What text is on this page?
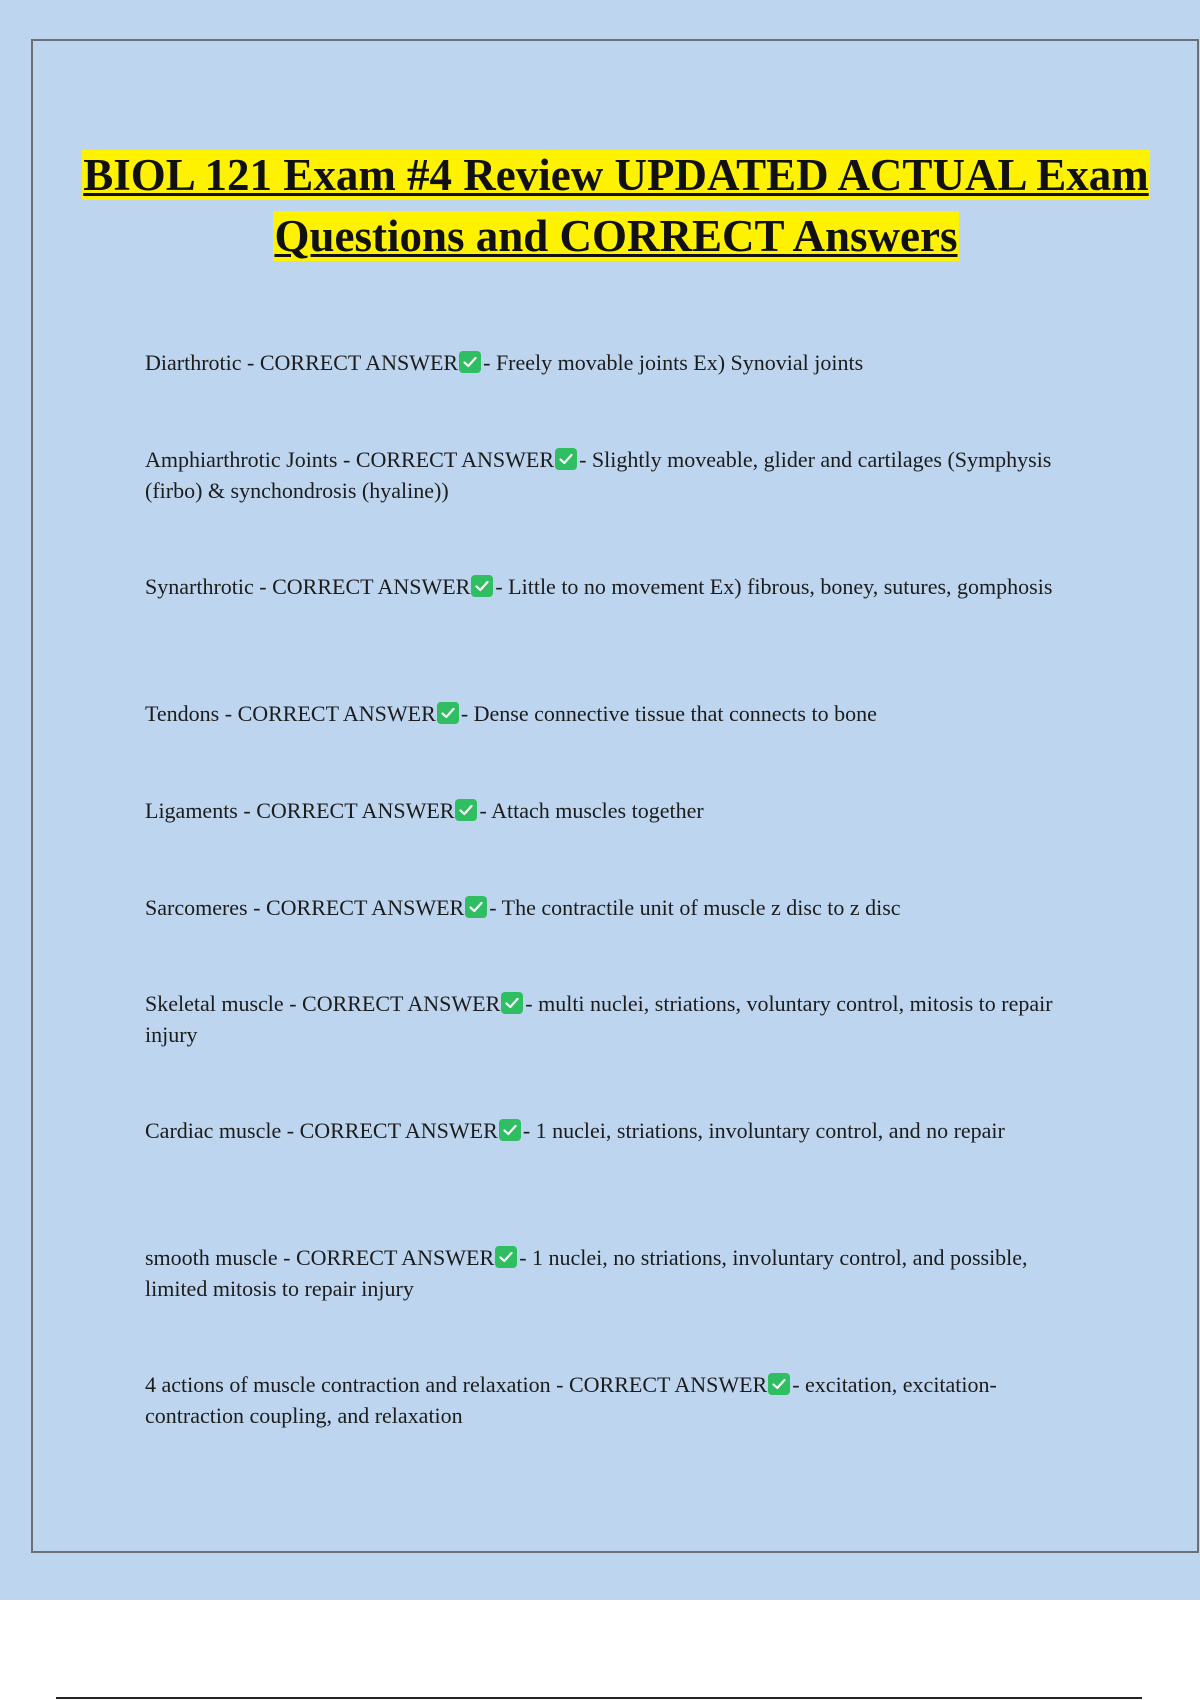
BIOL 121 Exam #4 Review UPDATED ACTUAL Exam Questions and CORRECT Answers
Diarthrotic - CORRECT ANSWER - Freely movable joints Ex) Synovial joints
Amphiarthrotic Joints - CORRECT ANSWER - Slightly moveable, glider and cartilages (Symphysis (firbo) & synchondrosis (hyaline))
Synarthrotic - CORRECT ANSWER - Little to no movement Ex) fibrous, boney, sutures, gomphosis
Tendons - CORRECT ANSWER - Dense connective tissue that connects to bone
Ligaments - CORRECT ANSWER - Attach muscles together
Sarcomeres - CORRECT ANSWER - The contractile unit of muscle z disc to z disc
Skeletal muscle - CORRECT ANSWER - multi nuclei, striations, voluntary control, mitosis to repair injury
Cardiac muscle - CORRECT ANSWER - 1 nuclei, striations, involuntary control, and no repair
smooth muscle - CORRECT ANSWER - 1 nuclei, no striations, involuntary control, and possible, limited mitosis to repair injury
4 actions of muscle contraction and relaxation - CORRECT ANSWER - excitation, excitation-contraction coupling, and relaxation
